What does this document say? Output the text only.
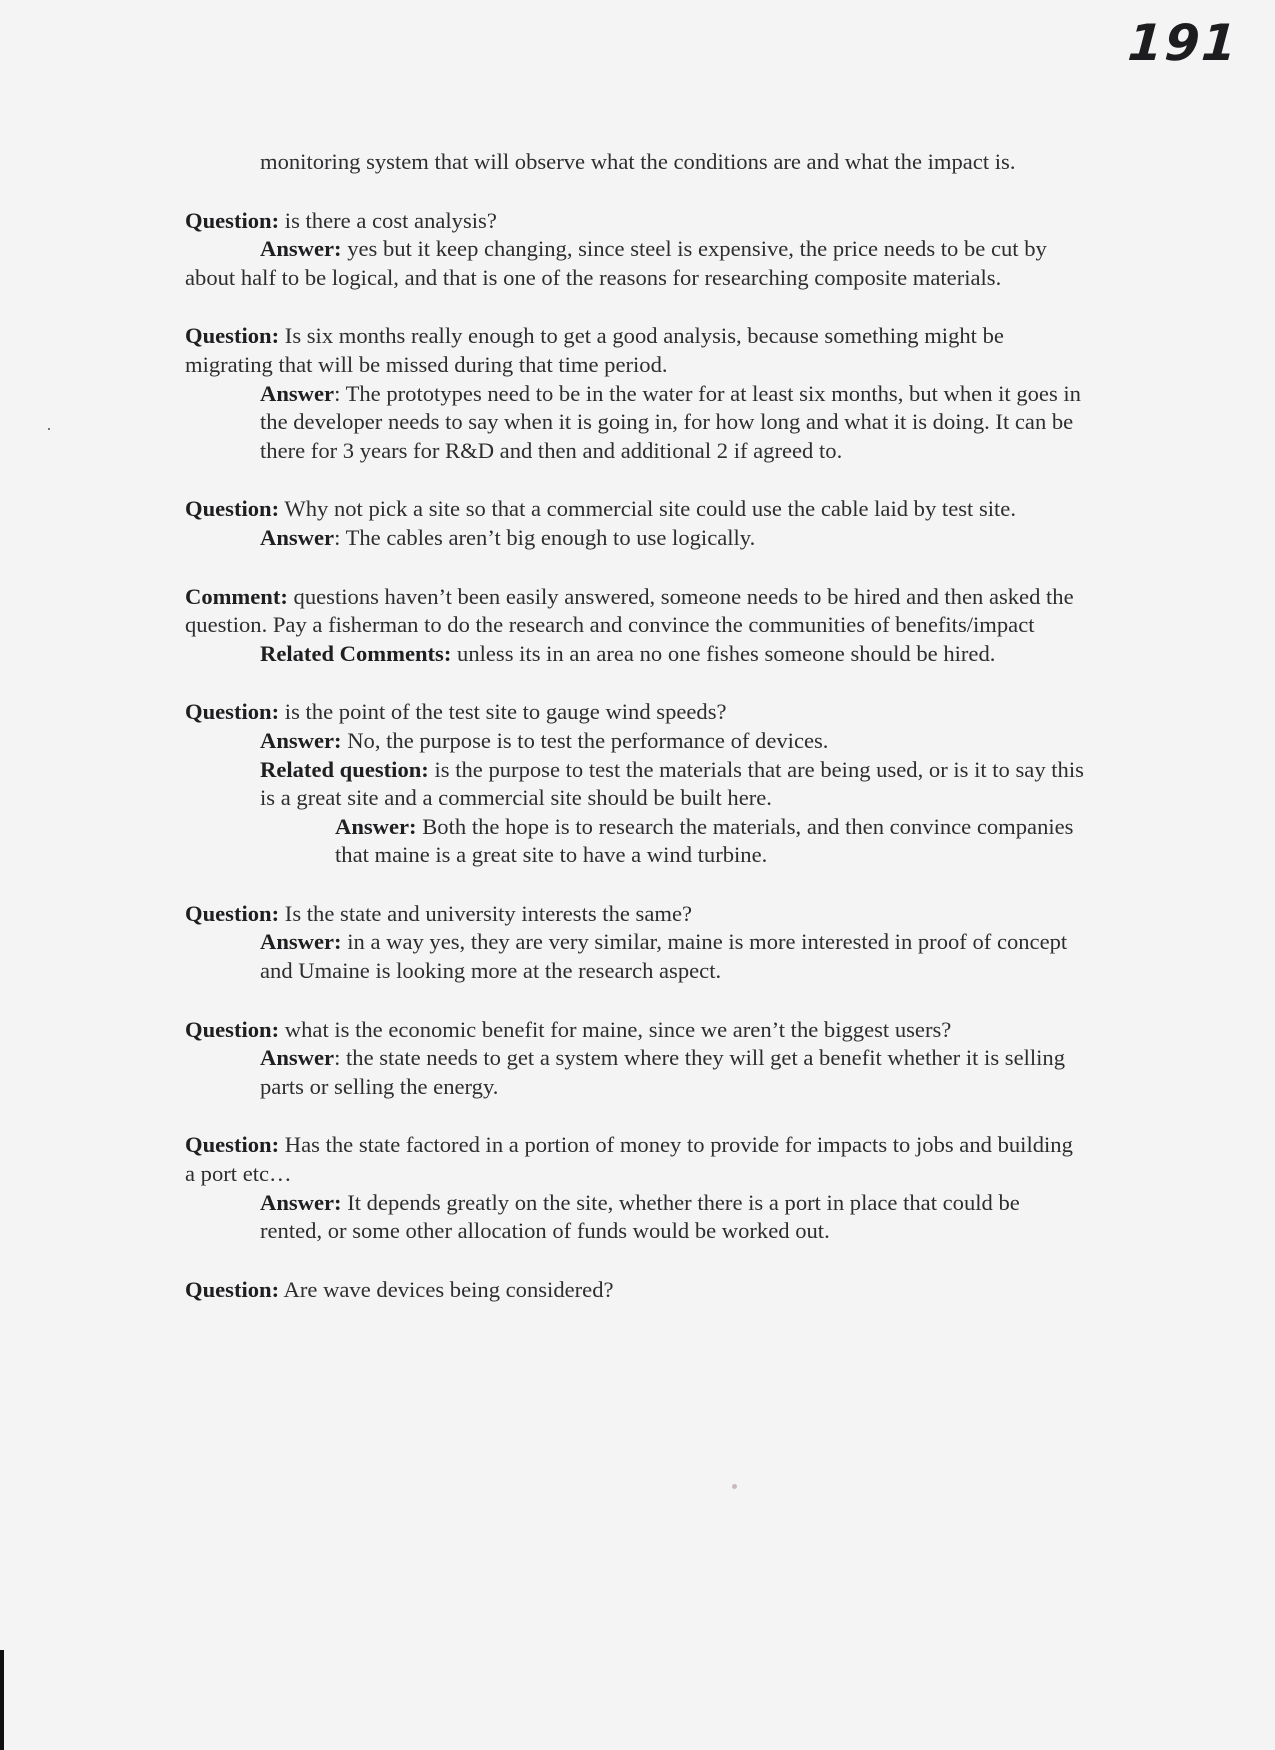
191

monitoring system that will observe what the conditions are and what the impact is.

Question: is there a cost analysis?

Answer: yes but it keep changing, since steel is expensive, the price needs to be cut by about half to be logical, and that is one of the reasons for researching composite materials.

Question: Is six months really enough to get a good analysis, because something might be migrating that will be missed during that time period.

Answer: The prototypes need to be in the water for at least six months, but when it goes in the developer needs to say when it is going in, for how long and what it is doing. It can be there for 3 years for R&D and then and additional 2 if agreed to.

Question: Why not pick a site so that a commercial site could use the cable laid by test site.

Answer: The cables aren’t big enough to use logically.

Comment: questions haven’t been easily answered, someone needs to be hired and then asked the question. Pay a fisherman to do the research and convince the communities of benefits/impact

Related Comments: unless its in an area no one fishes someone should be hired.

Question: is the point of the test site to gauge wind speeds?

Answer: No, the purpose is to test the performance of devices.

Related question: is the purpose to test the materials that are being used, or is it to say this is a great site and a commercial site should be built here.

Answer: Both the hope is to research the materials, and then convince companies that maine is a great site to have a wind turbine.

Question: Is the state and university interests the same?

Answer: in a way yes, they are very similar, maine is more interested in proof of concept and Umaine is looking more at the research aspect.

Question: what is the economic benefit for maine, since we aren’t the biggest users?

Answer: the state needs to get a system where they will get a benefit whether it is selling parts or selling the energy.

Question: Has the state factored in a portion of money to provide for impacts to jobs and building a port etc…

Answer: It depends greatly on the site, whether there is a port in place that could be rented, or some other allocation of funds would be worked out.

Question: Are wave devices being considered?
